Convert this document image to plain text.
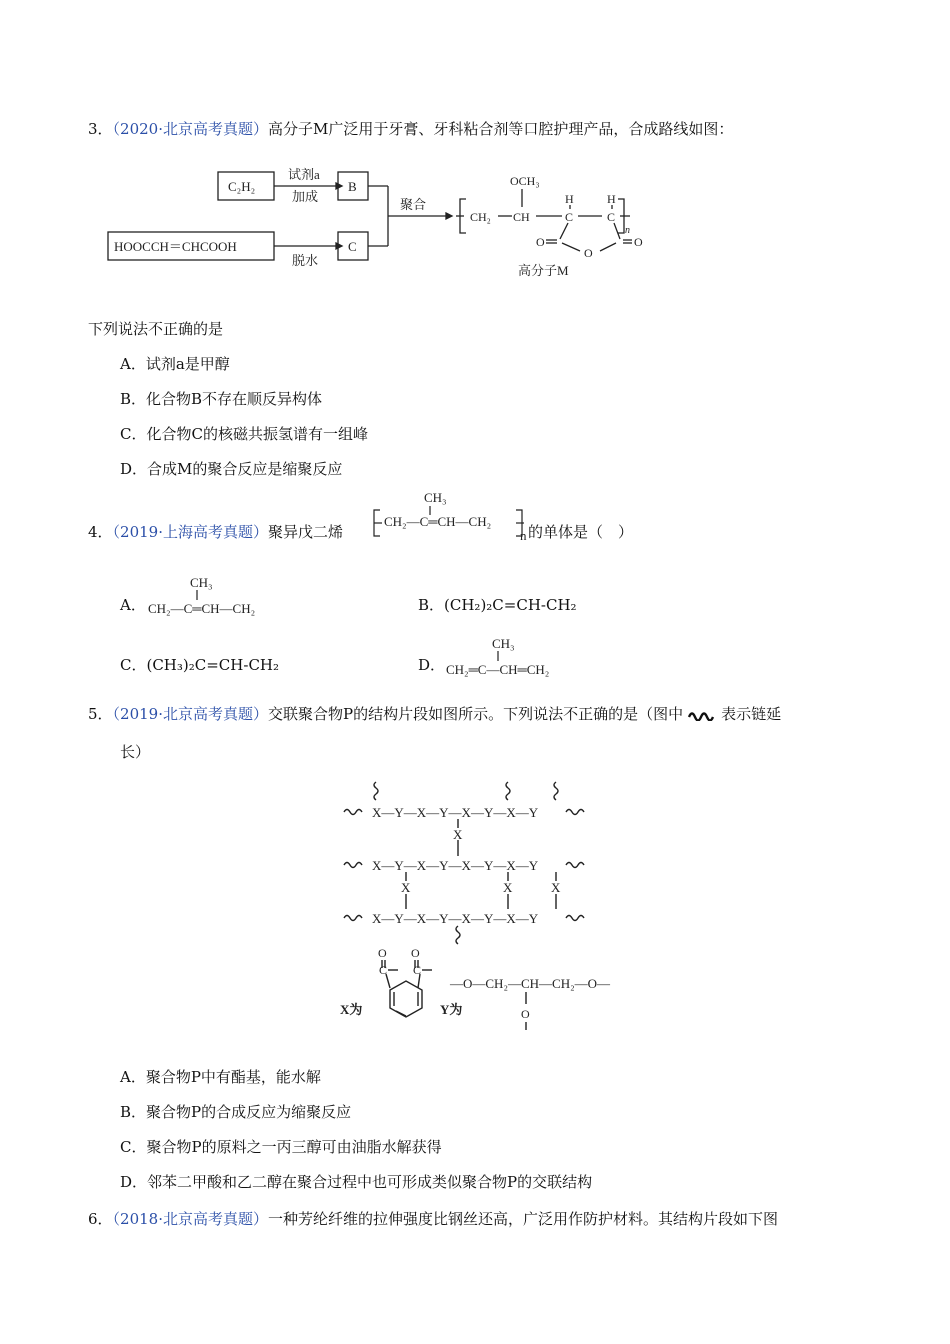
3．（2020·北京高考真题）高分子M广泛用于牙膏、牙科粘合剂等口腔护理产品，合成路线如图：
C₂H₂	B
HOOCCH＝CHCOOH	C
试剂a
加成
脱水
聚合
OCH₃
CH₂ CH	C	C
H	H
O	O
O
n
高分子M
下列说法不正确的是
A．试剂a是甲醇
B．化合物B不存在顺反异构体
C．化合物C的核磁共振氢谱有一组峰
D．合成M的聚合反应是缩聚反应
4．（2019·上海高考真题）聚异戊二烯
CH₃
CH₂—C═CH—CH₂
n 的单体是（　）
A．
CH₃
CH₂—C═CH—CH₂	B．(CH₂)₂C=CH-CH₂
C．(CH₃)₂C=CH-CH₂	D．
CH₃
CH₂═C—CH═CH₂
5．（2019·北京高考真题）交联聚合物P的结构片段如图所示。下列说法不正确的是（图中	表示链延
长）
X—Y—X—Y—X—Y—X—Y
X—Y—X—Y—X—Y—X—Y
X—Y—X—Y—X—Y—X—Y
X
X	X	X
X为
O O
C C
Y为
—O—CH₂—CH—CH₂—O—
O
A．聚合物P中有酯基，能水解
B．聚合物P的合成反应为缩聚反应
C．聚合物P的原料之一丙三醇可由油脂水解获得
D．邻苯二甲酸和乙二醇在聚合过程中也可形成类似聚合物P的交联结构
6．（2018·北京高考真题）一种芳纶纤维的拉伸强度比钢丝还高，广泛用作防护材料。其结构片段如下图
